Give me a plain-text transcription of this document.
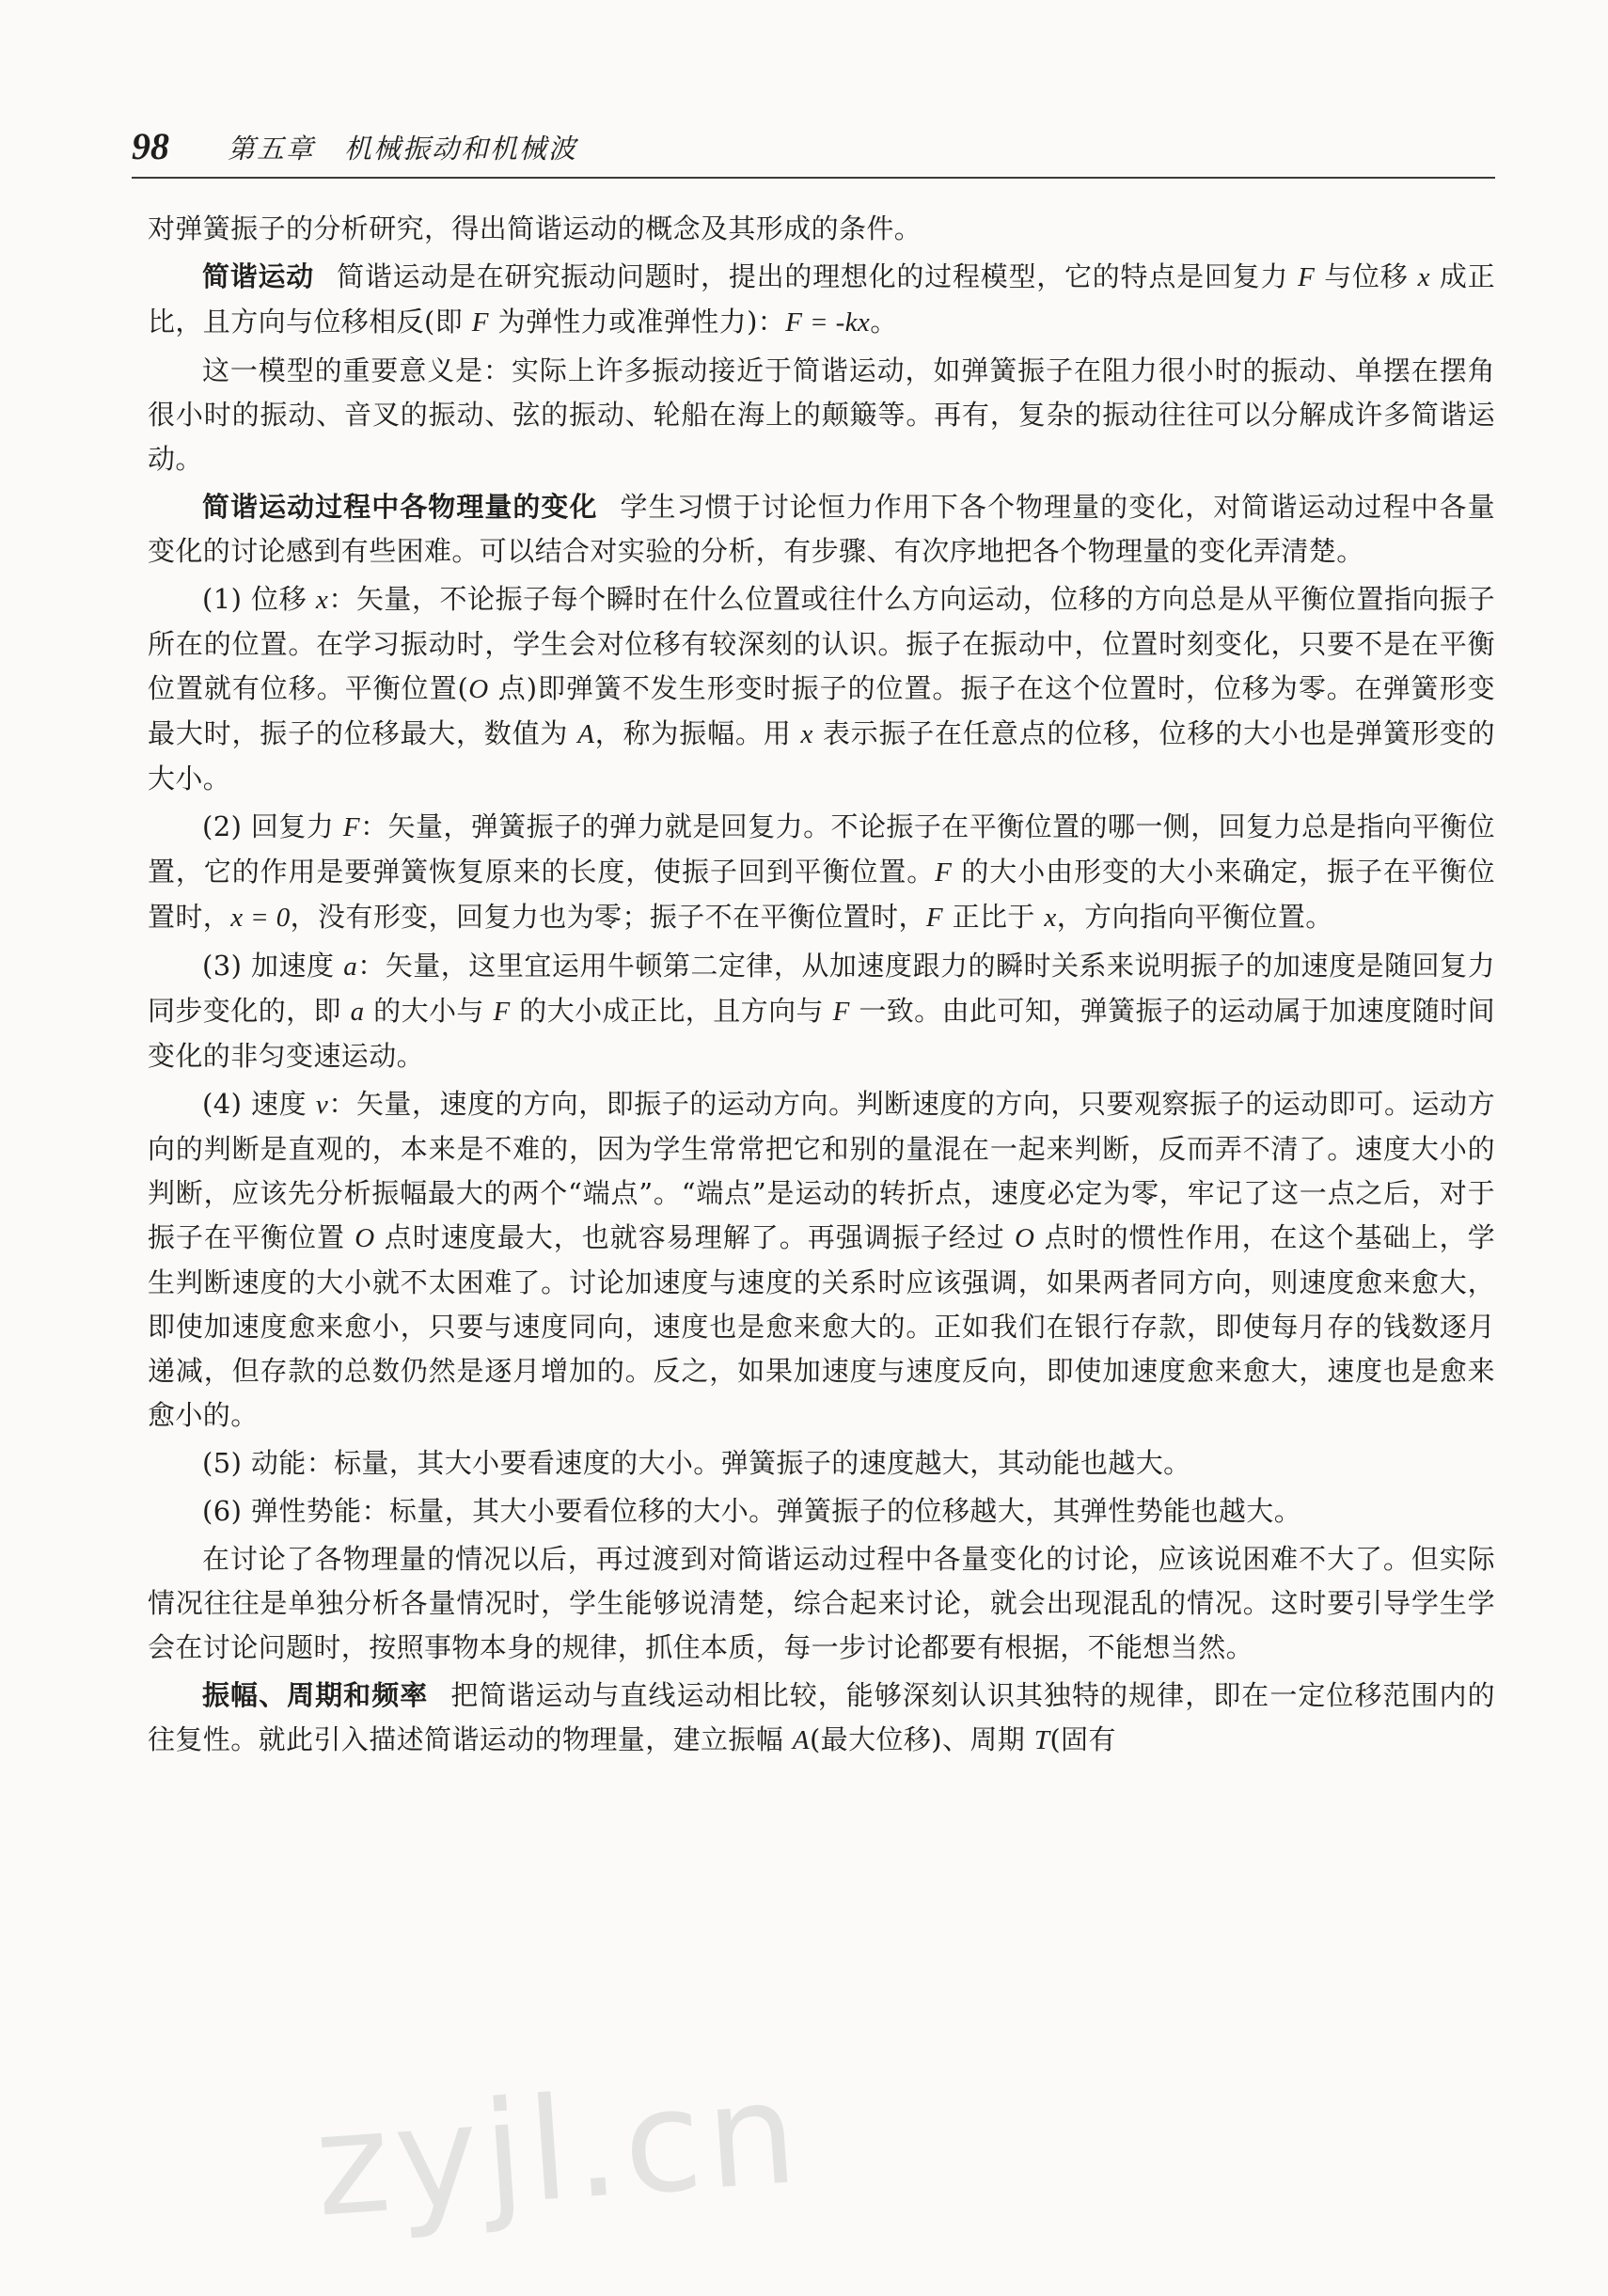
98 第五章　机械振动和机械波

对弹簧振子的分析研究，得出简谐运动的概念及其形成的条件。

简谐运动 简谐运动是在研究振动问题时，提出的理想化的过程模型，它的特点是回复力 F 与位移 x 成正比，且方向与位移相反(即 F 为弹性力或准弹性力)：F = -kx。

这一模型的重要意义是：实际上许多振动接近于简谐运动，如弹簧振子在阻力很小时的振动、单摆在摆角很小时的振动、音叉的振动、弦的振动、轮船在海上的颠簸等。再有，复杂的振动往往可以分解成许多简谐运动。

简谐运动过程中各物理量的变化 学生习惯于讨论恒力作用下各个物理量的变化，对简谐运动过程中各量变化的讨论感到有些困难。可以结合对实验的分析，有步骤、有次序地把各个物理量的变化弄清楚。

(1) 位移 x：矢量，不论振子每个瞬时在什么位置或往什么方向运动，位移的方向总是从平衡位置指向振子所在的位置。在学习振动时，学生会对位移有较深刻的认识。振子在振动中，位置时刻变化，只要不是在平衡位置就有位移。平衡位置(O 点)即弹簧不发生形变时振子的位置。振子在这个位置时，位移为零。在弹簧形变最大时，振子的位移最大，数值为 A，称为振幅。用 x 表示振子在任意点的位移，位移的大小也是弹簧形变的大小。

(2) 回复力 F：矢量，弹簧振子的弹力就是回复力。不论振子在平衡位置的哪一侧，回复力总是指向平衡位置，它的作用是要弹簧恢复原来的长度，使振子回到平衡位置。F 的大小由形变的大小来确定，振子在平衡位置时，x = 0，没有形变，回复力也为零；振子不在平衡位置时，F 正比于 x，方向指向平衡位置。

(3) 加速度 a：矢量，这里宜运用牛顿第二定律，从加速度跟力的瞬时关系来说明振子的加速度是随回复力同步变化的，即 a 的大小与 F 的大小成正比，且方向与 F 一致。由此可知，弹簧振子的运动属于加速度随时间变化的非匀变速运动。

(4) 速度 v：矢量，速度的方向，即振子的运动方向。判断速度的方向，只要观察振子的运动即可。运动方向的判断是直观的，本来是不难的，因为学生常常把它和别的量混在一起来判断，反而弄不清了。速度大小的判断，应该先分析振幅最大的两个“端点”。“端点”是运动的转折点，速度必定为零，牢记了这一点之后，对于振子在平衡位置 O 点时速度最大，也就容易理解了。再强调振子经过 O 点时的惯性作用，在这个基础上，学生判断速度的大小就不太困难了。讨论加速度与速度的关系时应该强调，如果两者同方向，则速度愈来愈大，即使加速度愈来愈小，只要与速度同向，速度也是愈来愈大的。正如我们在银行存款，即使每月存的钱数逐月递减，但存款的总数仍然是逐月增加的。反之，如果加速度与速度反向，即使加速度愈来愈大，速度也是愈来愈小的。

(5) 动能：标量，其大小要看速度的大小。弹簧振子的速度越大，其动能也越大。

(6) 弹性势能：标量，其大小要看位移的大小。弹簧振子的位移越大，其弹性势能也越大。

在讨论了各物理量的情况以后，再过渡到对简谐运动过程中各量变化的讨论，应该说困难不大了。但实际情况往往是单独分析各量情况时，学生能够说清楚，综合起来讨论，就会出现混乱的情况。这时要引导学生学会在讨论问题时，按照事物本身的规律，抓住本质，每一步讨论都要有根据，不能想当然。

振幅、周期和频率 把简谐运动与直线运动相比较，能够深刻认识其独特的规律，即在一定位移范围内的往复性。就此引入描述简谐运动的物理量，建立振幅 A(最大位移)、周期 T(固有

zyjl.cn
